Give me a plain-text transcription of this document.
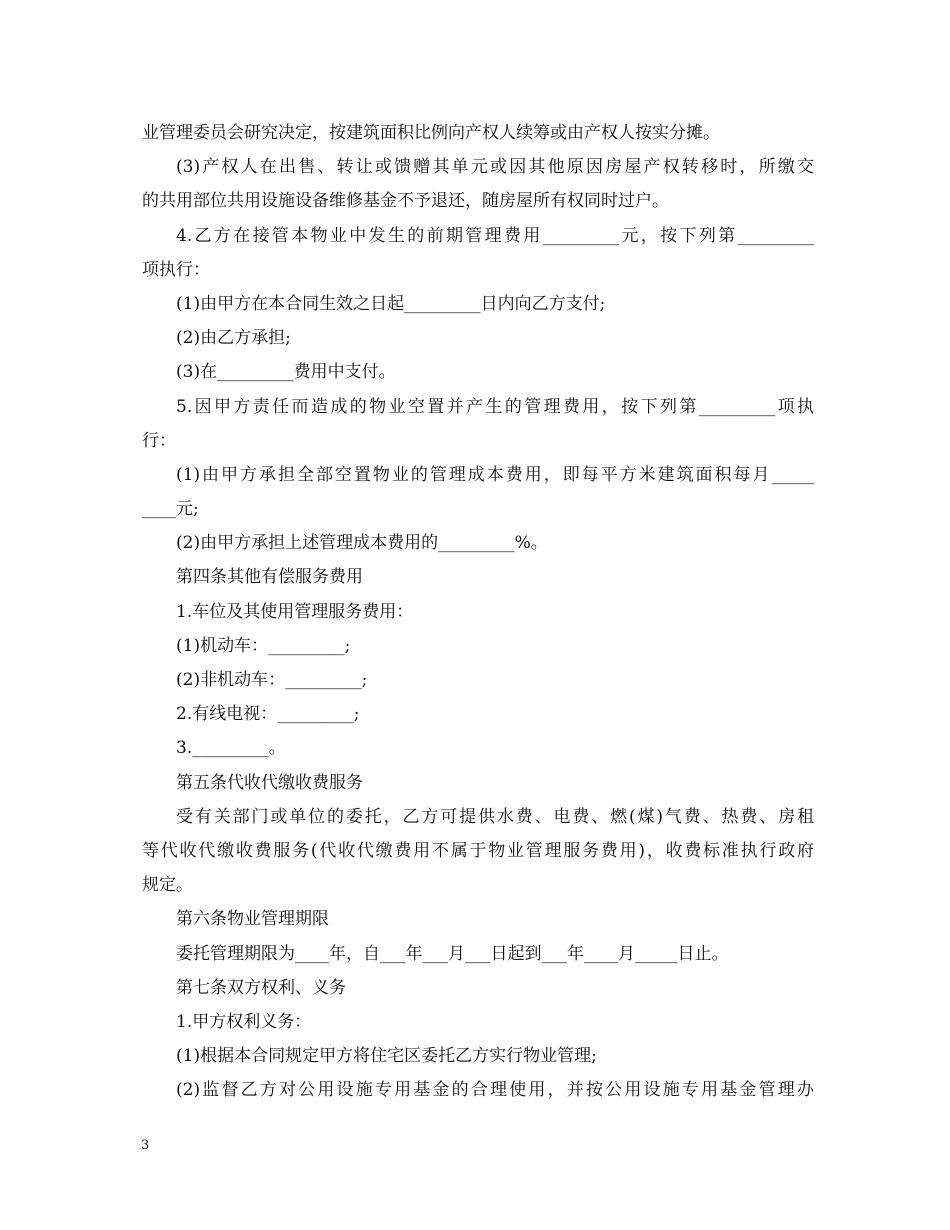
业管理委员会研究决定，按建筑面积比例向产权人续筹或由产权人按实分摊。
(3)产权人在出售、转让或馈赠其单元或因其他原因房屋产权转移时，所缴交
的共用部位共用设施设备维修基金不予退还，随房屋所有权同时过户。
4.乙方在接管本物业中发生的前期管理费用_________元，按下列第_________
项执行：
(1)由甲方在本合同生效之日起_________日内向乙方支付;
(2)由乙方承担;
(3)在_________费用中支付。
5.因甲方责任而造成的物业空置并产生的管理费用，按下列第_________项执
行：
(1)由甲方承担全部空置物业的管理成本费用，即每平方米建筑面积每月_____
____元;
(2)由甲方承担上述管理成本费用的_________%。
第四条其他有偿服务费用
1.车位及其使用管理服务费用：
(1)机动车：_________;
(2)非机动车：_________;
2.有线电视：_________;
3._________。
第五条代收代缴收费服务
受有关部门或单位的委托，乙方可提供水费、电费、燃(煤)气费、热费、房租
等代收代缴收费服务(代收代缴费用不属于物业管理服务费用)，收费标准执行政府
规定。
第六条物业管理期限
委托管理期限为____年，自___年___月___日起到___年____月_____日止。
第七条双方权利、义务
1.甲方权利义务：
(1)根据本合同规定甲方将住宅区委托乙方实行物业管理;
(2)监督乙方对公用设施专用基金的合理使用，并按公用设施专用基金管理办
3
